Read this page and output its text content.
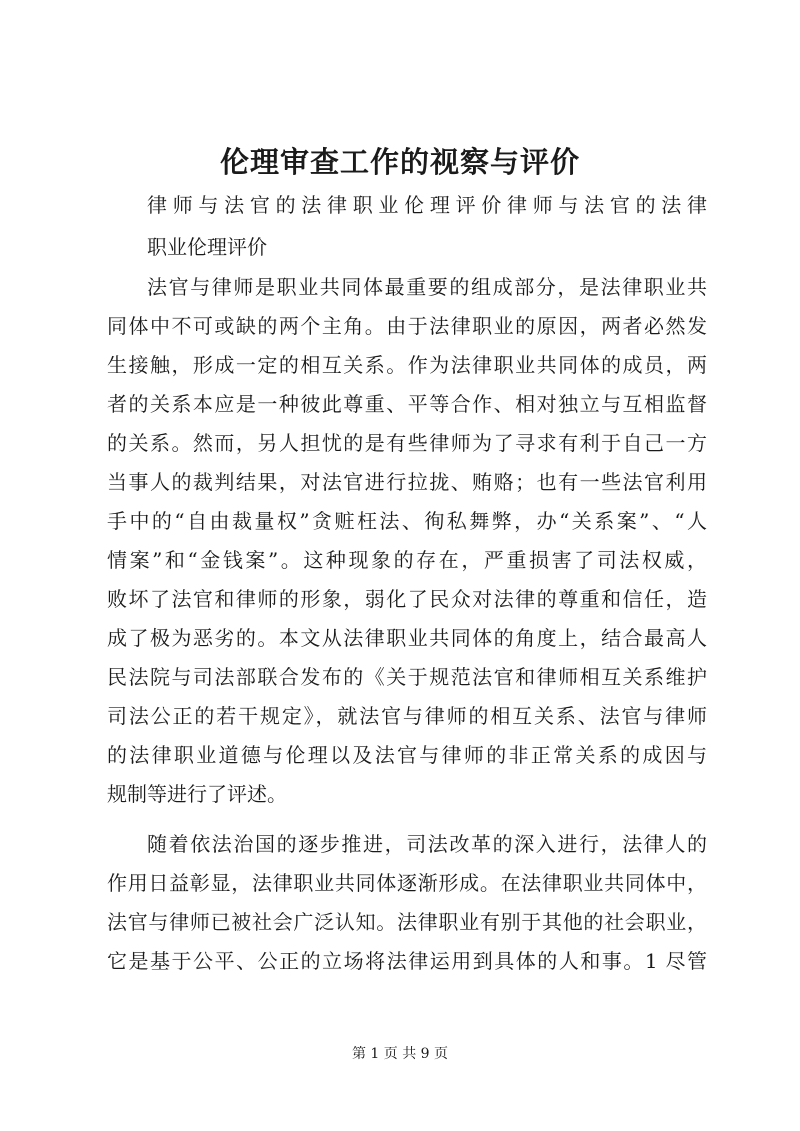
伦理审查工作的视察与评价
律师与法官的法律职业伦理评价律师与法官的法律
职业伦理评价
法官与律师是职业共同体最重要的组成部分，是法律职业共
同体中不可或缺的两个主角。由于法律职业的原因，两者必然发
生接触，形成一定的相互关系。作为法律职业共同体的成员，两
者的关系本应是一种彼此尊重、平等合作、相对独立与互相监督
的关系。然而，另人担忧的是有些律师为了寻求有利于自己一方
当事人的裁判结果，对法官进行拉拢、贿赂；也有一些法官利用
手中的“自由裁量权”贪赃枉法、徇私舞弊，办“关系案”、“人
情案”和“金钱案”。这种现象的存在，严重损害了司法权威，
败坏了法官和律师的形象，弱化了民众对法律的尊重和信任，造
成了极为恶劣的。本文从法律职业共同体的角度上，结合最高人
民法院与司法部联合发布的《关于规范法官和律师相互关系维护
司法公正的若干规定》，就法官与律师的相互关系、法官与律师
的法律职业道德与伦理以及法官与律师的非正常关系的成因与
规制等进行了评述。
随着依法治国的逐步推进，司法改革的深入进行，法律人的
作用日益彰显，法律职业共同体逐渐形成。在法律职业共同体中，
法官与律师已被社会广泛认知。法律职业有别于其他的社会职业，
它是基于公平、公正的立场将法律运用到具体的人和事。1 尽管
第 1 页 共 9 页
